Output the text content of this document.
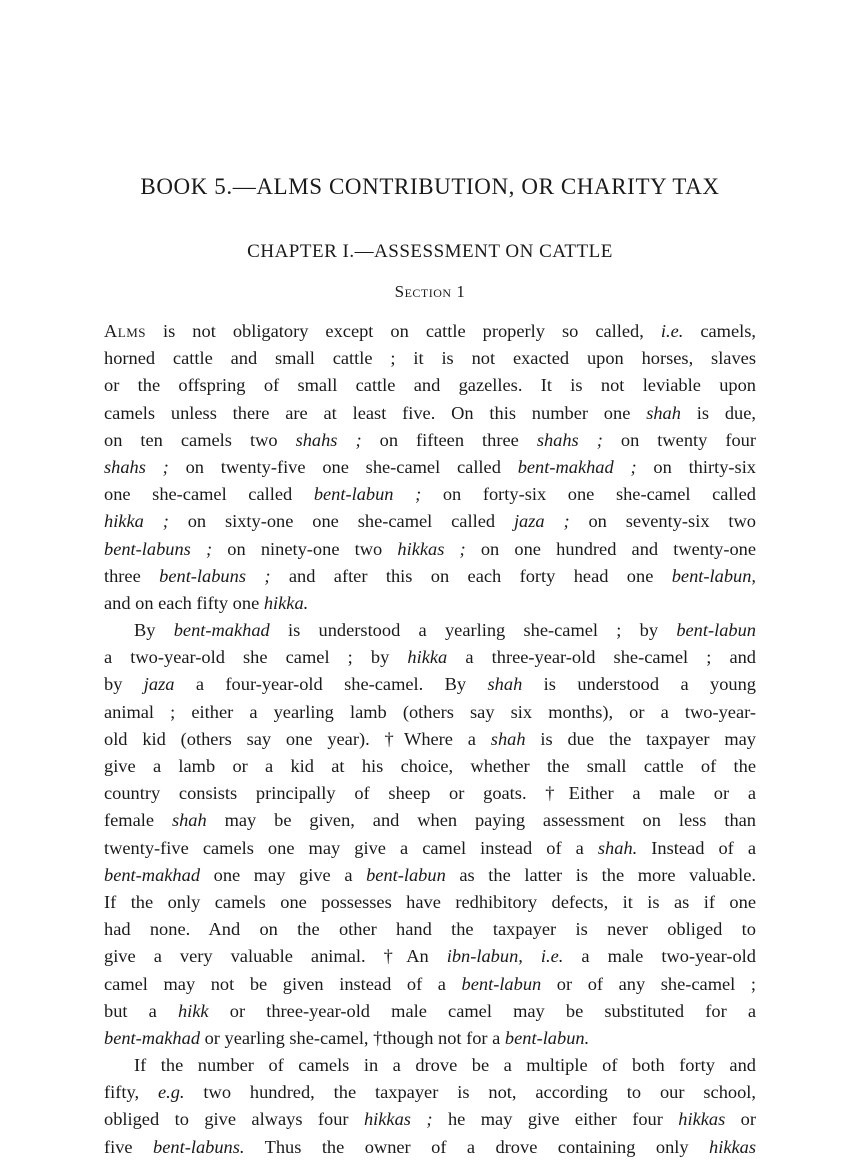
BOOK 5.—ALMS CONTRIBUTION, OR CHARITY TAX
CHAPTER I.—ASSESSMENT ON CATTLE
Section 1
Alms is not obligatory except on cattle properly so called, i.e. camels,
horned cattle and small cattle ; it is not exacted upon horses, slaves
or the offspring of small cattle and gazelles. It is not leviable upon
camels unless there are at least five. On this number one shah is due,
on ten camels two shahs ; on fifteen three shahs ; on twenty four
shahs ; on twenty-five one she-camel called bent-makhad ; on thirty-six
one she-camel called bent-labun ; on forty-six one she-camel called
hikka ; on sixty-one one she-camel called jaza ; on seventy-six two
bent-labuns ; on ninety-one two hikkas ; on one hundred and twenty-one
three bent-labuns ; and after this on each forty head one bent-labun,
and on each fifty one hikka.
By bent-makhad is understood a yearling she-camel ; by bent-labun
a two-year-old she camel ; by hikka a three-year-old she-camel ; and
by jaza a four-year-old she-camel. By shah is understood a young
animal ; either a yearling lamb (others say six months), or a two-year-
old kid (others say one year). †Where a shah is due the taxpayer may
give a lamb or a kid at his choice, whether the small cattle of the
country consists principally of sheep or goats. †Either a male or a
female shah may be given, and when paying assessment on less than
twenty-five camels one may give a camel instead of a shah. Instead of a
bent-makhad one may give a bent-labun as the latter is the more valuable.
If the only camels one possesses have redhibitory defects, it is as if one
had none. And on the other hand the taxpayer is never obliged to
give a very valuable animal. †An ibn-labun, i.e. a male two-year-old
camel may not be given instead of a bent-labun or of any she-camel ;
but a hikk or three-year-old male camel may be substituted for a
bent-makhad or yearling she-camel, †though not for a bent-labun.
If the number of camels in a drove be a multiple of both forty and
fifty, e.g. two hundred, the taxpayer is not, according to our school,
obliged to give always four hikkas ; he may give either four hikkas or
five bent-labuns. Thus the owner of a drove containing only hikkas
